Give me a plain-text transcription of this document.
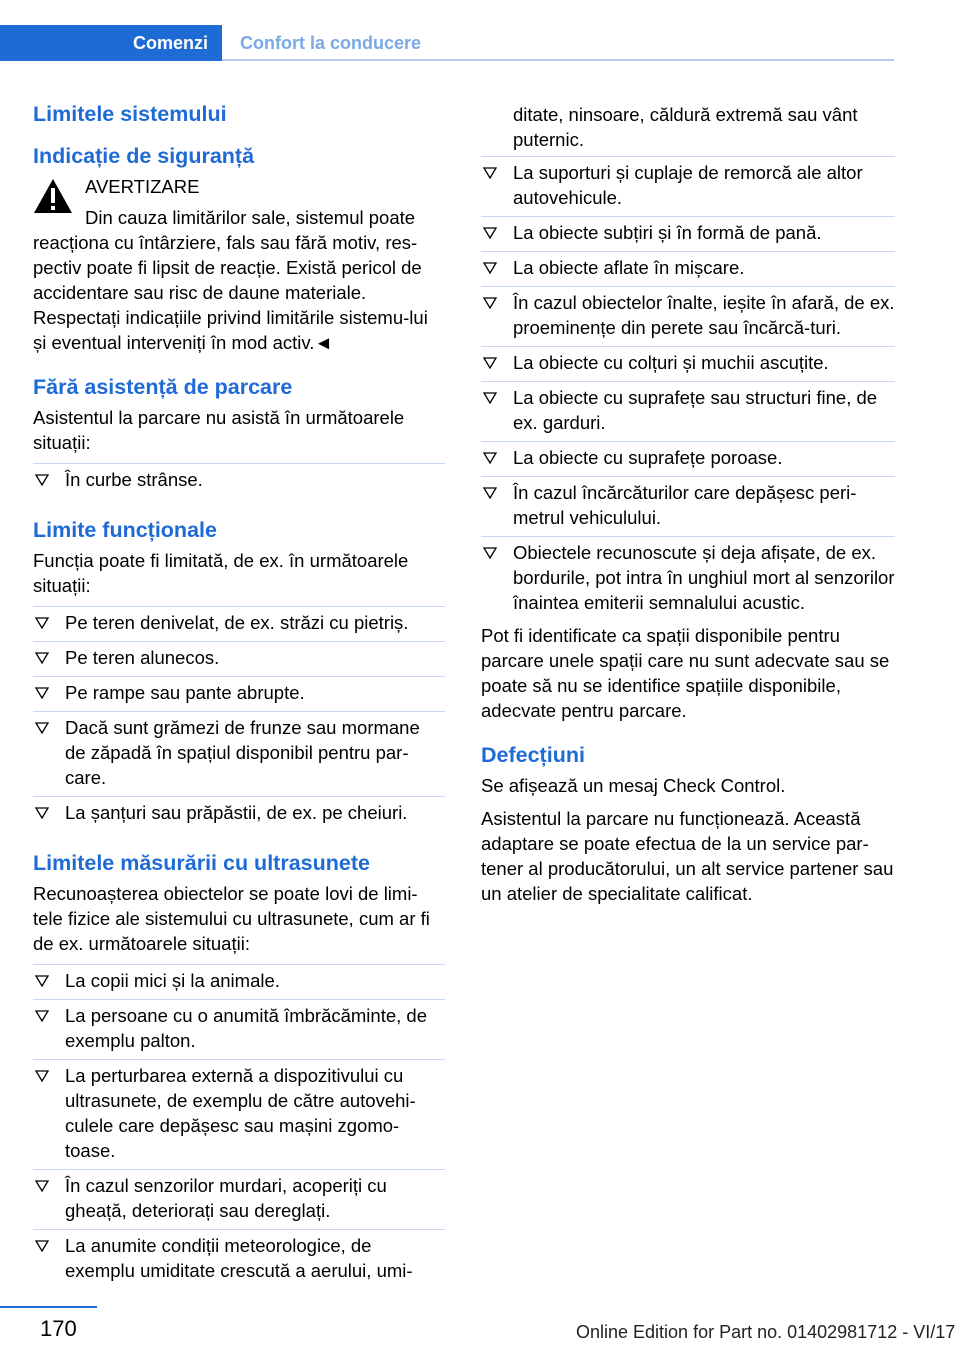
Comenzi Confort la conducere
Limitele sistemului
Indicație de siguranță
AVERTIZARE

Din cauza limitărilor sale, sistemul poate reacționa cu întârziere, fals sau fără motiv, res-pectiv poate fi lipsit de reacție. Există pericol de accidentare sau risc de daune materiale. Respectați indicațiile privind limitările sistemu-lui și eventual interveniți în mod activ.◄

Fără asistență de parcare

Asistentul la parcare nu asistă în următoarele situații:

În curbe strânse.
Limite funcționale

Funcția poate fi limitată, de ex. în următoarele situații:

Pe teren denivelat, de ex. străzi cu pietriș.
Pe teren alunecos.
Pe rampe sau pante abrupte.
Dacă sunt grămezi de frunze sau mormane de zăpadă în spațiul disponibil pentru par-care.
La șanțuri sau prăpăstii, de ex. pe cheiuri.
Limitele măsurării cu ultrasunete

Recunoașterea obiectelor se poate lovi de limi-tele fizice ale sistemului cu ultrasunete, cum ar fi de ex. următoarele situații:

La copii mici și la animale.
La persoane cu o anumită îmbrăcăminte, de exemplu palton.
La perturbarea externă a dispozitivului cu ultrasunete, de exemplu de către autovehi-culele care depășesc sau mașini zgomo-toase.
În cazul senzorilor murdari, acoperiți cu gheață, deteriorați sau dereglați.
La anumite condiții meteorologice, de exemplu umiditate crescută a aerului, umi-

ditate, ninsoare, căldură extremă sau vânt puternic.

La suporturi și cuplaje de remorcă ale altor autovehicule.
La obiecte subțiri și în formă de pană.
La obiecte aflate în mișcare.
În cazul obiectelor înalte, ieșite în afară, de ex. proeminențe din perete sau încărcă-turi.
La obiecte cu colțuri și muchii ascuțite.
La obiecte cu suprafețe sau structuri fine, de ex. garduri.
La obiecte cu suprafețe poroase.
În cazul încărcăturilor care depășesc peri-metrul vehiculului.
Obiectele recunoscute și deja afișate, de ex. bordurile, pot intra în unghiul mort al senzorilor înaintea emiterii semnalului acustic.

Pot fi identificate ca spații disponibile pentru parcare unele spații care nu sunt adecvate sau se poate să nu se identifice spațiile disponibile, adecvate pentru parcare.

Defecțiuni

Se afișează un mesaj Check Control.

Asistentul la parcare nu funcționează. Această adaptare se poate efectua de la un service par-tener al producătorului, un alt service partener sau un atelier de specialitate calificat.

170	Online Edition for Part no. 01402981712 - VI/17
